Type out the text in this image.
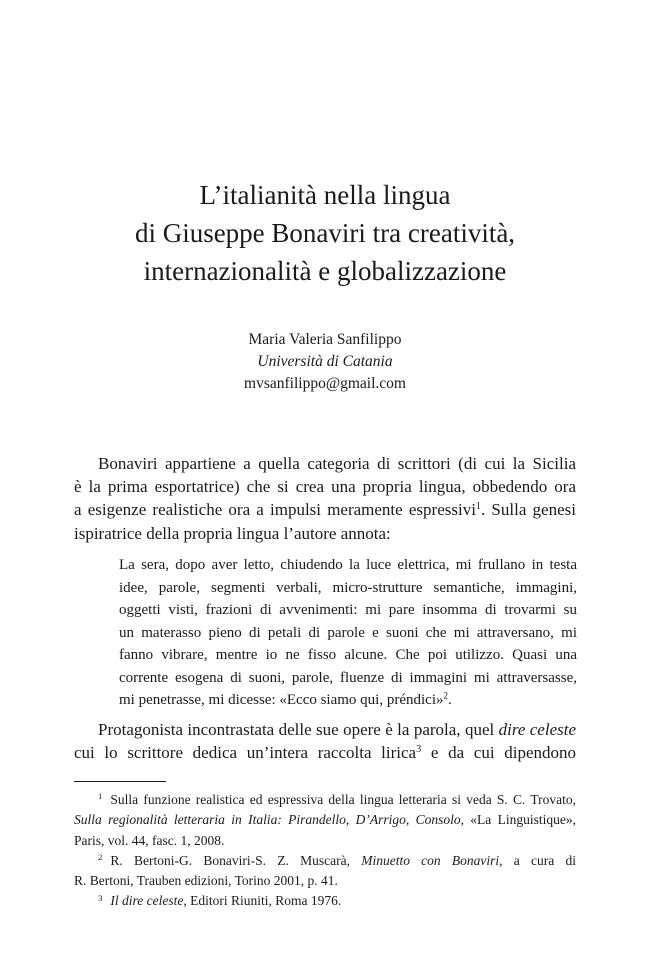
L’italianità nella lingua
di Giuseppe Bonaviri tra creatività,
internazionalità e globalizzazione
Maria Valeria Sanfilippo
Università di Catania
mvsanfilippo@gmail.com

Bonaviri appartiene a quella categoria di scrittori (di cui la Sicilia
è la prima esportatrice) che si crea una propria lingua, obbedendo ora
a esigenze realistiche ora a impulsi meramente espressivi$^1$. Sulla genesi
ispiratrice della propria lingua l’autore annota:

La sera, dopo aver letto, chiudendo la luce elettrica, mi frullano in testa
idee, parole, segmenti verbali, micro-strutture semantiche, immagini,
oggetti visti, frazioni di avvenimenti: mi pare insomma di trovarmi su
un materasso pieno di petali di parole e suoni che mi attraversano, mi
fanno vibrare, mentre io ne fisso alcune. Che poi utilizzo. Quasi una
corrente esogena di suoni, parole, fluenze di immagini mi attraversasse,
mi penetrasse, mi dicesse: «Ecco siamo qui, préndici»$^2$.

Protagonista incontrastata delle sue opere è la parola, quel dire celeste
cui lo scrittore dedica un’intera raccolta lirica$^3$ e da cui dipendono

$^1$ Sulla funzione realistica ed espressiva della lingua letteraria si veda S. C. Trovato,
Sulla regionalità letteraria in Italia: Pirandello, D’Arrigo, Consolo, «La Linguistique»,
Paris, vol. 44, fasc. 1, 2008.
$^2$ R. Bertoni-G. Bonaviri-S. Z. Muscarà, Minuetto con Bonaviri, a cura di
R. Bertoni, Trauben edizioni, Torino 2001, p. 41.
$^3$ Il dire celeste, Editori Riuniti, Roma 1976.
